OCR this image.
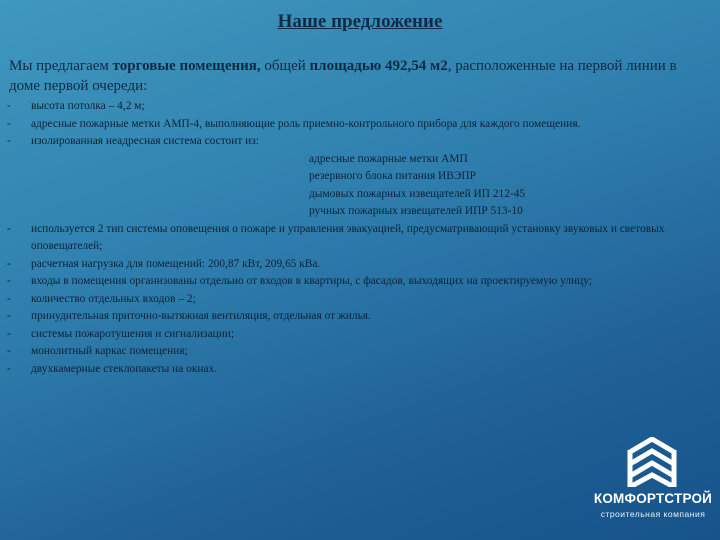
Наше предложение
Мы предлагаем торговые помещения, общей площадью 492,54 м2, расположенные на первой линии в доме первой очереди:
- высота потолка – 4,2 м;
- адресные пожарные метки АМП-4, выполняющие роль приемно-контрольного прибора для каждого помещения.
- изолированная неадресная система состоит из:
адресные пожарные метки АМП
резервного блока питания ИВЭПР
дымовых пожарных извещателей ИП 212-45
ручных пожарных извещателей ИПР 513-10
- используется 2 тип системы оповещения о пожаре и управления эвакуацией, предусматривающий установку звуковых и световых оповещателей;
- расчетная нагрузка для помещений: 200,87 кВт, 209,65 кВа.
- входы в помещения организованы отдельно от входов в квартиры, с фасадов, выходящих на проектируемую улицу;
- количество отдельных входов – 2;
- принудительная приточно-вытяжная вентиляция, отдельная от жилья.
- системы пожаротушения и сигнализации;
- монолитный каркас помещения;
- двухкамерные стеклопакеты на окнах.
КОМФОРТСТРОЙ
строительная компания
